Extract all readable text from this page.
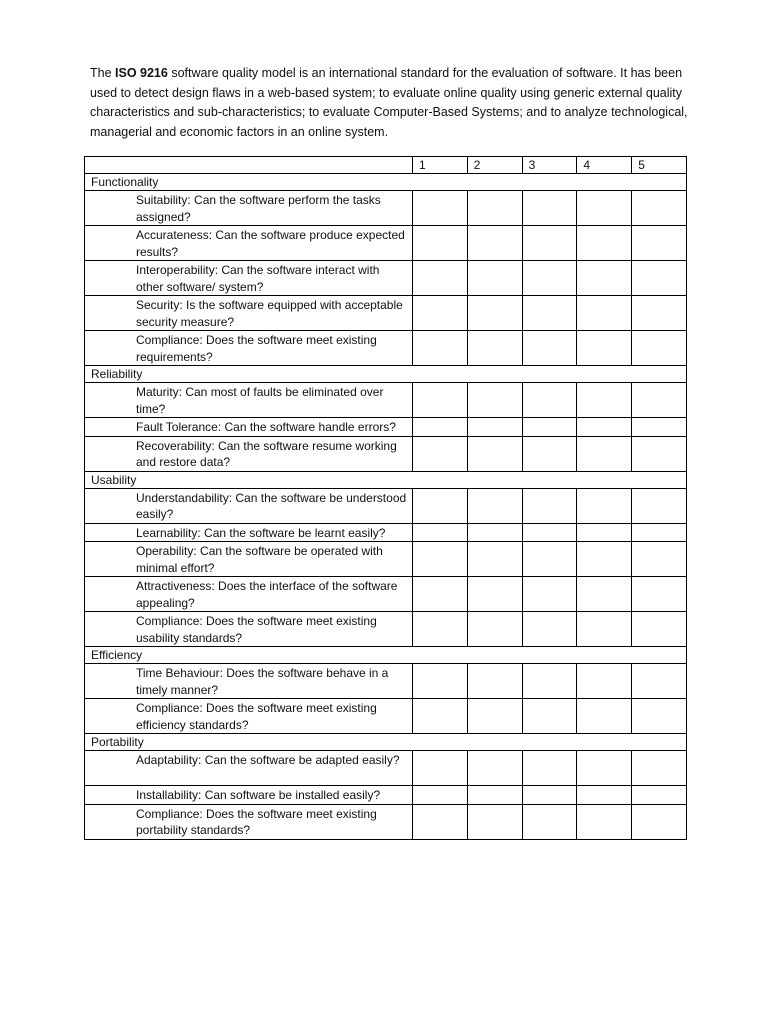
The ISO 9216 software quality model is an international standard for the evaluation of software. It has been used to detect design flaws in a web-based system; to evaluate online quality using generic external quality characteristics and sub-characteristics; to evaluate Computer-Based Systems; and to analyze technological, managerial and economic factors in an online system.

	1	2	3	4	5
Functionality					
Suitability: Can the software perform the tasks assigned?					
Accurateness: Can the software produce expected results?					
Interoperability: Can the software interact with other software/ system?					
Security: Is the software equipped with acceptable security measure?					
Compliance: Does the software meet existing requirements?					
Reliability					
Maturity: Can most of faults be eliminated over time?					
Fault Tolerance: Can the software handle errors?					
Recoverability: Can the software resume working and restore data?					
Usability					
Understandability: Can the software be understood easily?					
Learnability: Can the software be learnt easily?					
Operability: Can the software be operated with minimal effort?					
Attractiveness: Does the interface of the software appealing?					
Compliance: Does the software meet existing usability standards?					
Efficiency					
Time Behaviour: Does the software behave in a timely manner?					
Compliance: Does the software meet existing efficiency standards?					
Portability					
Adaptability: Can the software be adapted easily?					
Installability: Can software be installed easily?					
Compliance: Does the software meet existing portability standards?					
